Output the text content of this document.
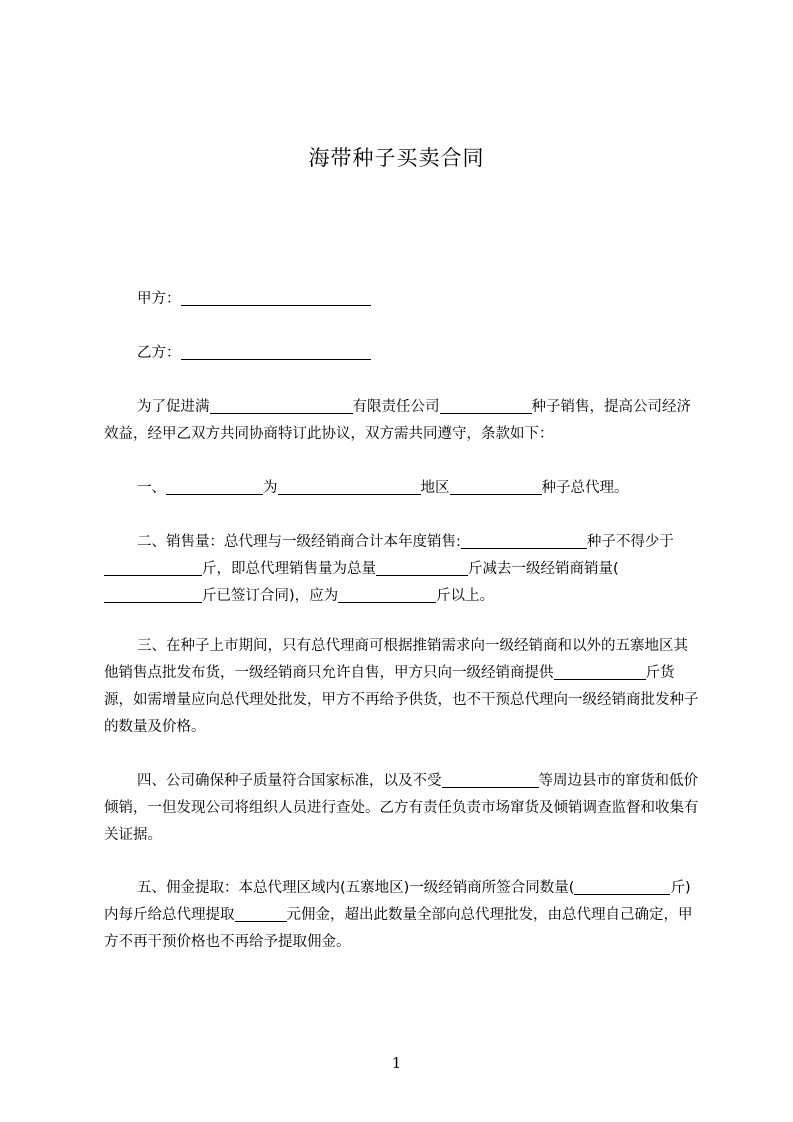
海带种子买卖合同

甲方：

乙方：

为了促进满	有限责任公司	种子销售，提高公司经济效益，经甲乙双方共同协商特订此协议，双方需共同遵守，条款如下：

一、	为	地区	种子总代理。

二、销售量：总代理与一级经销商合计本年度销售:	种子不得少于斤，即总代理销售量为总量	斤减去一级经销商销量(斤已签订合同)，应为	斤以上。

三、在种子上市期间，只有总代理商可根据推销需求向一级经销商和以外的五寨地区其他销售点批发布货，一级经销商只允许自售，甲方只向一级经销商提供	斤货源，如需增量应向总代理处批发，甲方不再给予供货，也不干预总代理向一级经销商批发种子的数量及价格。

四、公司确保种子质量符合国家标准，以及不受	等周边县市的窜货和低价倾销，一但发现公司将组织人员进行查处。乙方有责任负责市场窜货及倾销调查监督和收集有关证据。

五、佣金提取：本总代理区域内(五寨地区)一级经销商所签合同数量(	斤)内每斤给总代理提取	元佣金，超出此数量全部向总代理批发，由总代理自己确定，甲方不再干预价格也不再给予提取佣金。

1
